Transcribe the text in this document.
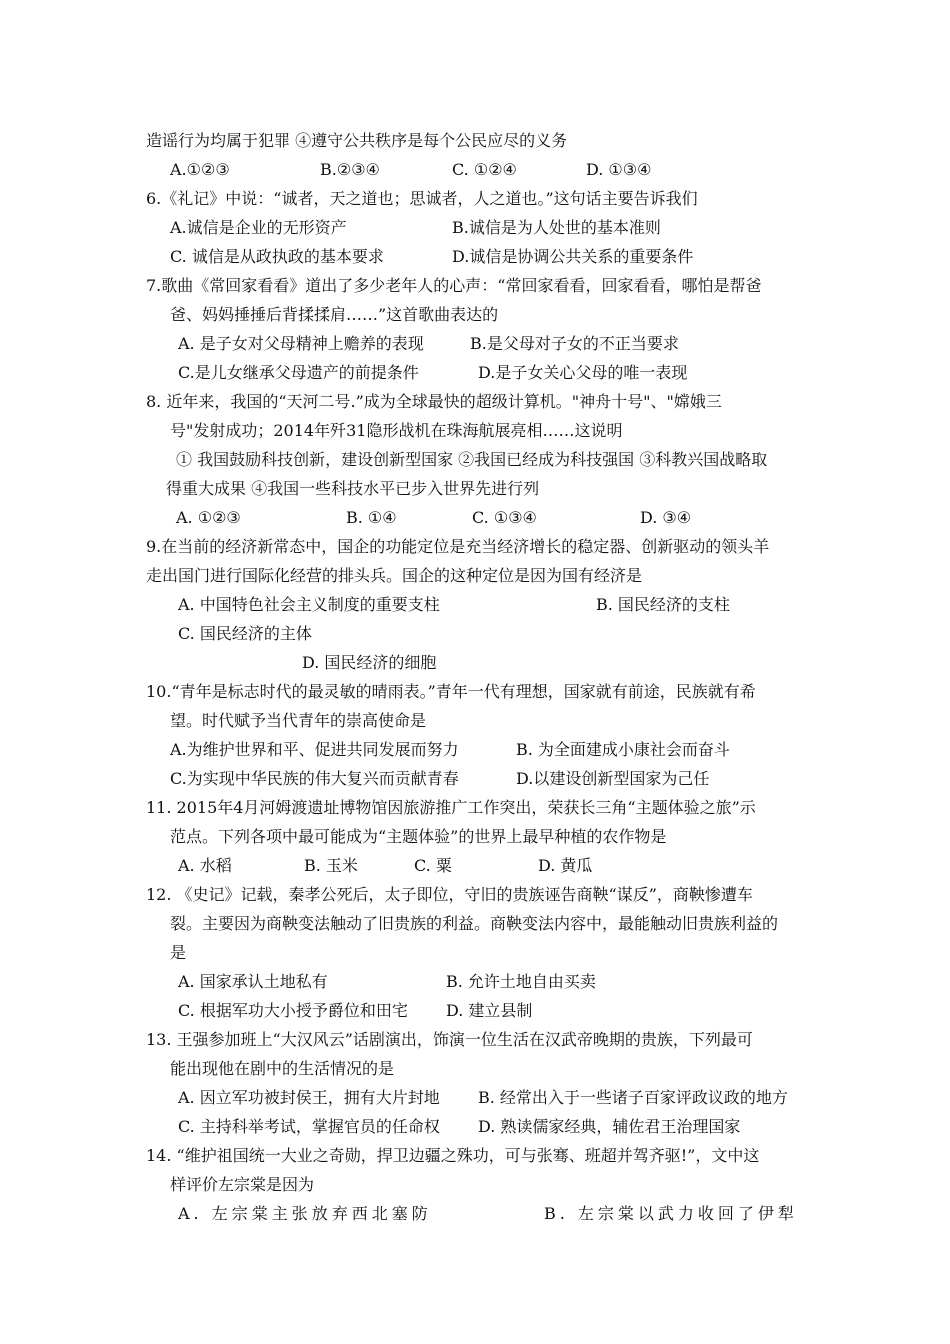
造谣行为均属于犯罪 ④遵守公共秩序是每个公民应尽的义务
A.①②③	B.②③④	C. ①②④	D. ①③④
6.《礼记》中说：“诚者，天之道也；思诚者，人之道也。”这句话主要告诉我们
A.诚信是企业的无形资产	B.诚信是为人处世的基本准则
C. 诚信是从政执政的基本要求	D.诚信是协调公共关系的重要条件
7.歌曲《常回家看看》道出了多少老年人的心声：“常回家看看，回家看看，哪怕是帮爸
爸、妈妈捶捶后背揉揉肩……”这首歌曲表达的
A. 是子女对父母精神上赡养的表现	B.是父母对子女的不正当要求
C.是儿女继承父母遗产的前提条件	D.是子女关心父母的唯一表现
8. 近年来，我国的“天河二号.”成为全球最快的超级计算机。"神舟十号"、"嫦娥三
号"发射成功；2014年歼31隐形战机在珠海航展亮相……这说明
① 我国鼓励科技创新，建设创新型国家 ②我国已经成为科技强国 ③科教兴国战略取
得重大成果 ④我国一些科技水平已步入世界先进行列
A. ①②③	B. ①④	C. ①③④	D. ③④
9.在当前的经济新常态中，国企的功能定位是充当经济增长的稳定器、创新驱动的领头羊
走出国门进行国际化经营的排头兵。国企的这种定位是因为国有经济是
A. 中国特色社会主义制度的重要支柱	B. 国民经济的支柱
C. 国民经济的主体
D. 国民经济的细胞
10.“青年是标志时代的最灵敏的晴雨表。”青年一代有理想，国家就有前途，民族就有希
望。时代赋予当代青年的崇高使命是
A.为维护世界和平、促进共同发展而努力	B. 为全面建成小康社会而奋斗
C.为实现中华民族的伟大复兴而贡献青春	D.以建设创新型国家为己任
11. 2015年4月河姆渡遗址博物馆因旅游推广工作突出，荣获长三角“主题体验之旅”示
范点。下列各项中最可能成为“主题体验”的世界上最早种植的农作物是
A. 水稻	B. 玉米	C. 粟	D. 黄瓜
12. 《史记》记载，秦孝公死后，太子即位，守旧的贵族诬告商鞅“谋反”，商鞅惨遭车
裂。主要因为商鞅变法触动了旧贵族的利益。商鞅变法内容中，最能触动旧贵族利益的
是
A. 国家承认土地私有	B. 允许土地自由买卖
C. 根据军功大小授予爵位和田宅 D. 建立县制
13. 王强参加班上“大汉风云”话剧演出，饰演一位生活在汉武帝晚期的贵族，下列最可
能出现他在剧中的生活情况的是
A. 因立军功被封侯王，拥有大片封地 B. 经常出入于一些诸子百家评政议政的地方
C. 主持科举考试，掌握官员的任命权 D. 熟读儒家经典，辅佐君王治理国家
14. “维护祖国统一大业之奇勋，捍卫边疆之殊功，可与张骞、班超并驾齐驱!”，文中这
样评价左宗棠是因为
A. 左宗棠主张放弃西北塞防	B. 左宗棠以武力收回了伊犁
